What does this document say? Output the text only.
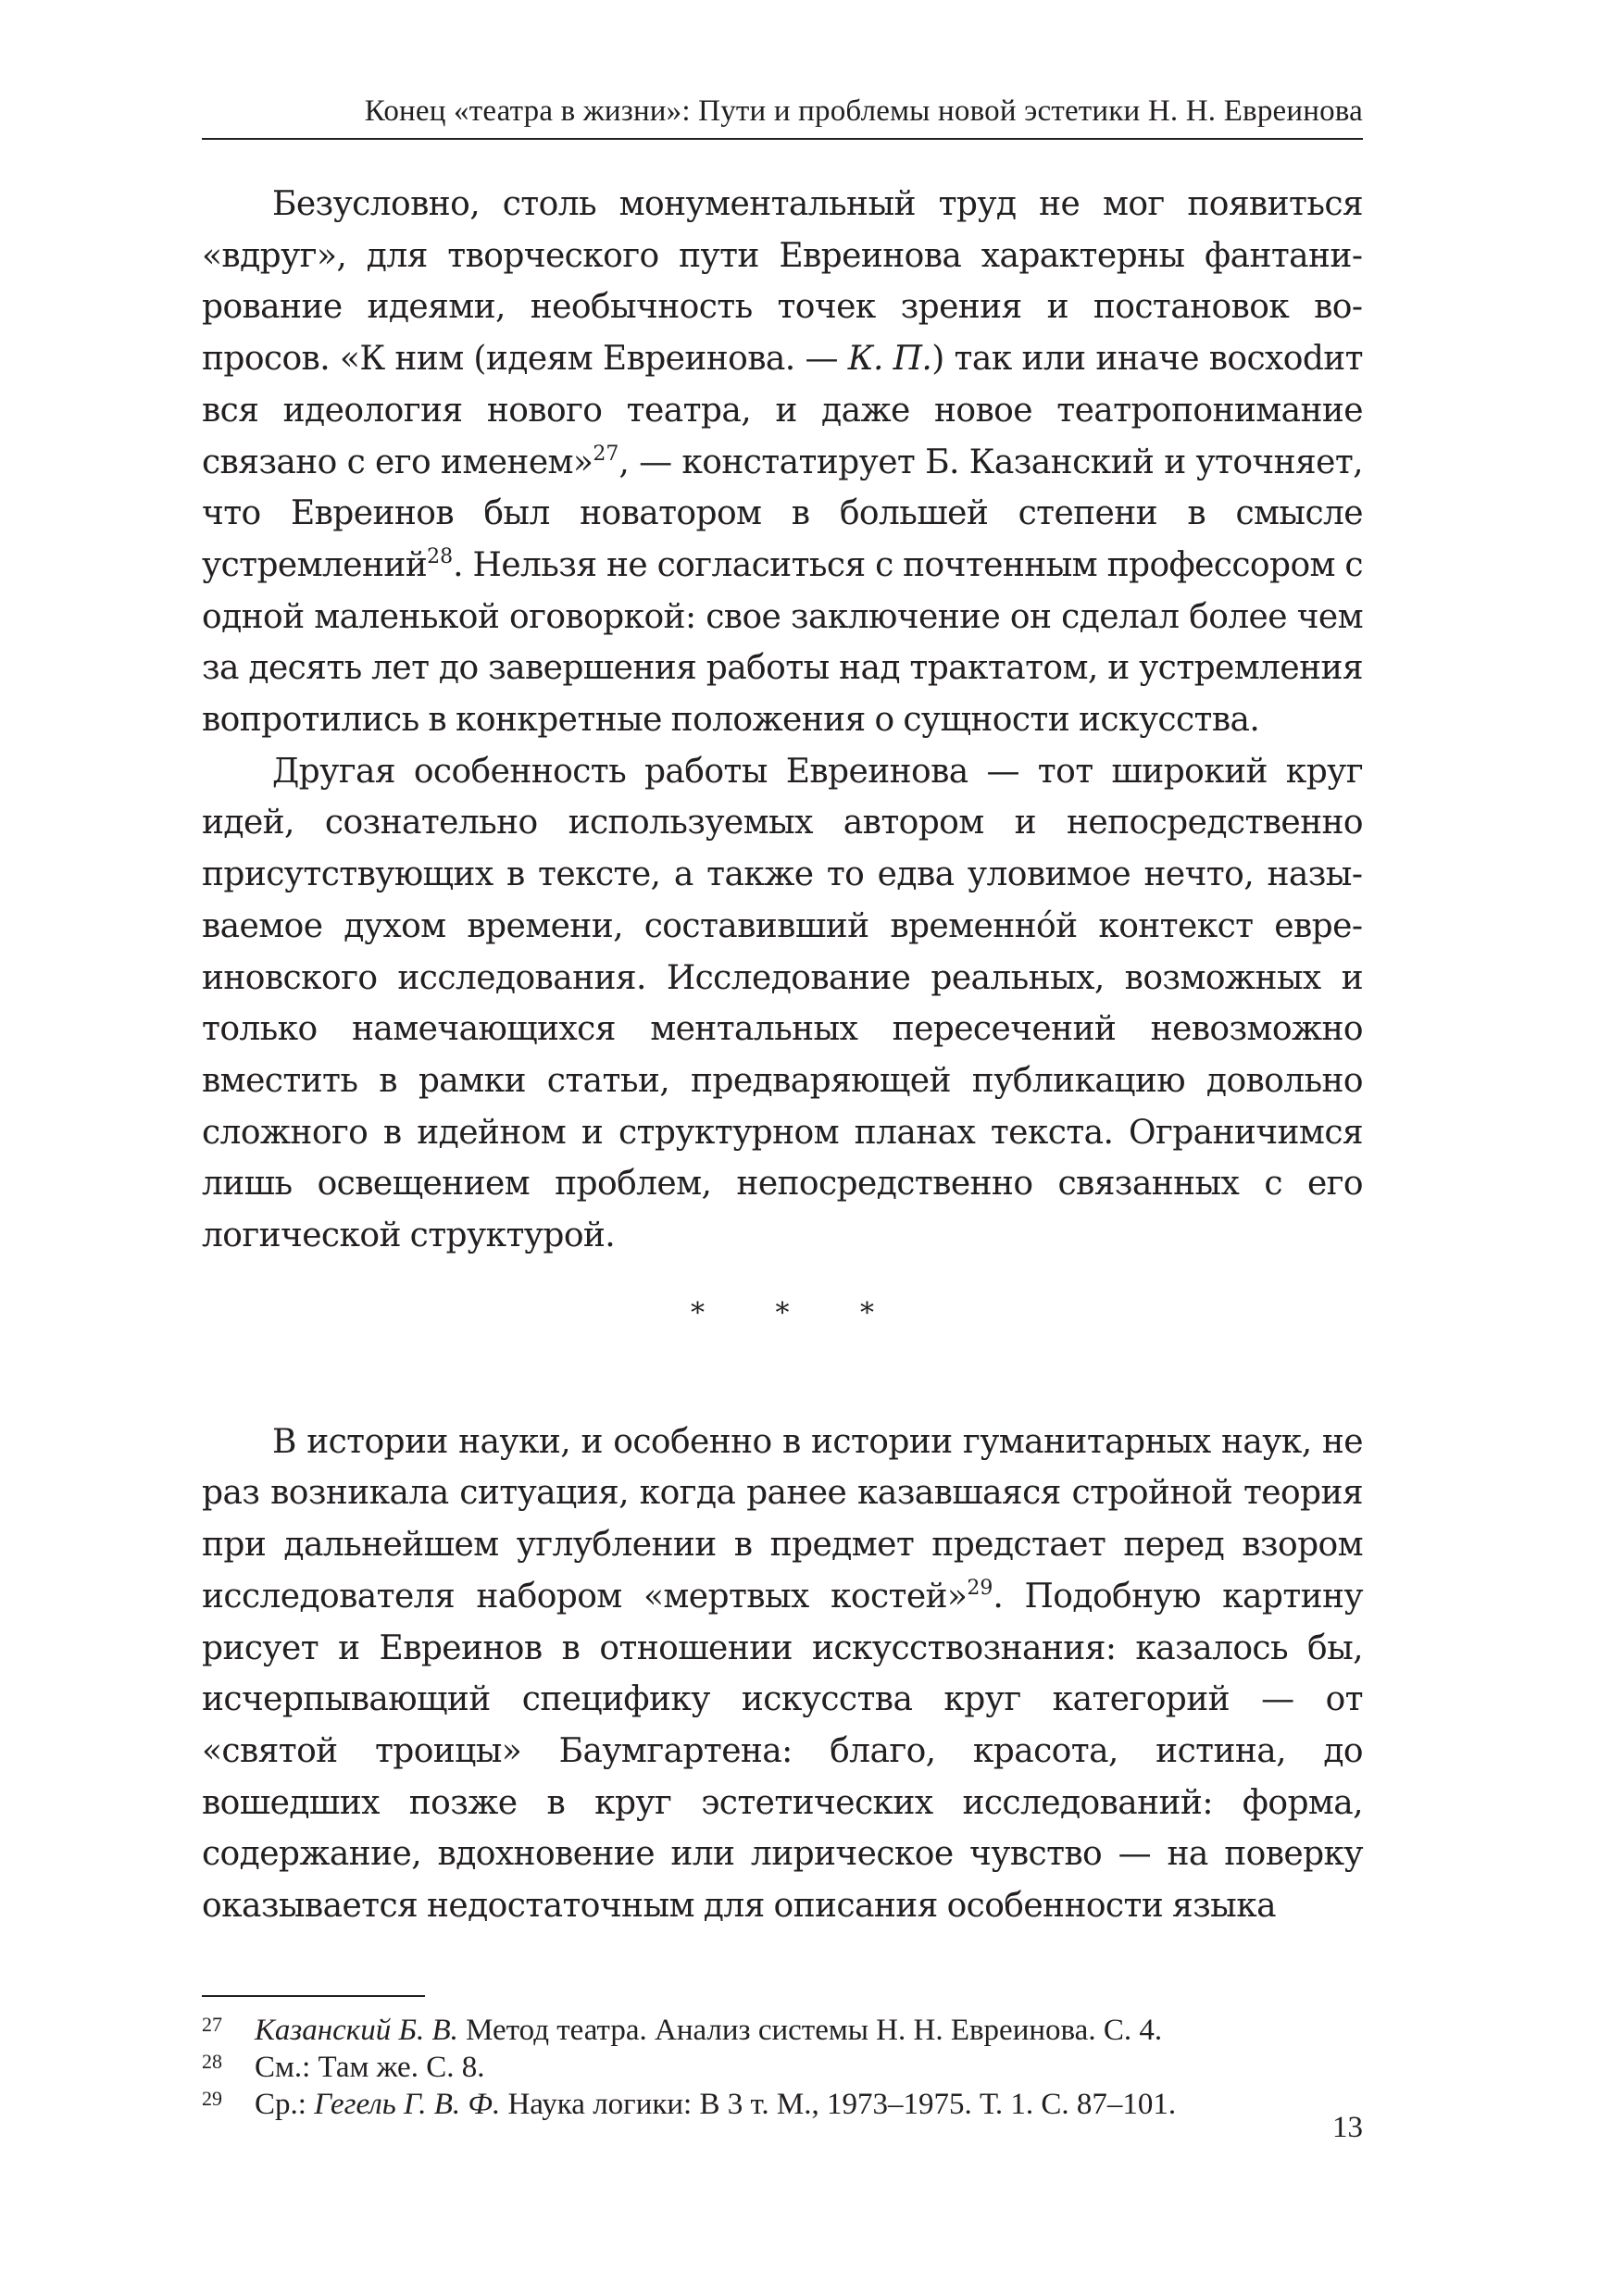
Конец «театра в жизни»: Пути и проблемы новой эстетики Н. Н. Евреинова

Безусловно, столь монументальный труд не мог появиться «вдруг», для творческого пути Евреинова характерны фантанирование идеями, необычность точек зрения и постановок вопросов. «К ним (идеям Евреинова. — К. П.) так или иначе восхоdит вся идеология нового театра, и даже новое театропонимание связано с его именем»$^{27}$, — констатирует Б. Казанский и уточняет, что Евреинов был новатором в большей степени в смысле устремлений$^{28}$. Нельзя не согласиться с почтенным профессором с одной маленькой оговоркой: свое заключение он сделал более чем за десять лет до завершения работы над трактатом, и устремления вопротились в конкретные положения о сущности искусства.

Другая особенность работы Евреинова — тот широкий круг идей, сознательно используемых автором и непосредственно присутствующих в тексте, а также то едва уловимое нечто, называемое духом времени, составивший временно́й контекст евреиновского исследования. Исследование реальных, возможных и только намечающихся ментальных пересечений невозможно вместить в рамки статьи, предваряющей публикацию довольно сложного в идейном и структурном планах текста. Ограничимся лишь освещением проблем, непосредственно связанных с его логической структурой.

* * *

В истории науки, и особенно в истории гуманитарных наук, не раз возникала ситуация, когда ранее казавшаяся стройной теория при дальнейшем углублении в предмет предстает перед взором исследователя набором «мертвых костей»$^{29}$. Подобную картину рисует и Евреинов в отношении искусствознания: казалось бы, исчерпывающий специфику искусства круг категорий — от «святой троицы» Баумгартена: благо, красота, истина, до вошедших позже в круг эстетических исследований: форма, содержание, вдохновение или лирическое чувство — на поверку оказывается недостаточным для описания особенности языка

27 Казанский Б. В. Метод театра. Анализ системы Н. Н. Евреинова. С. 4.
28 См.: Там же. С. 8.
29 Ср.: Гегель Г. В. Ф. Наука логики: В 3 т. М., 1973–1975. Т. 1. С. 87–101.
13
